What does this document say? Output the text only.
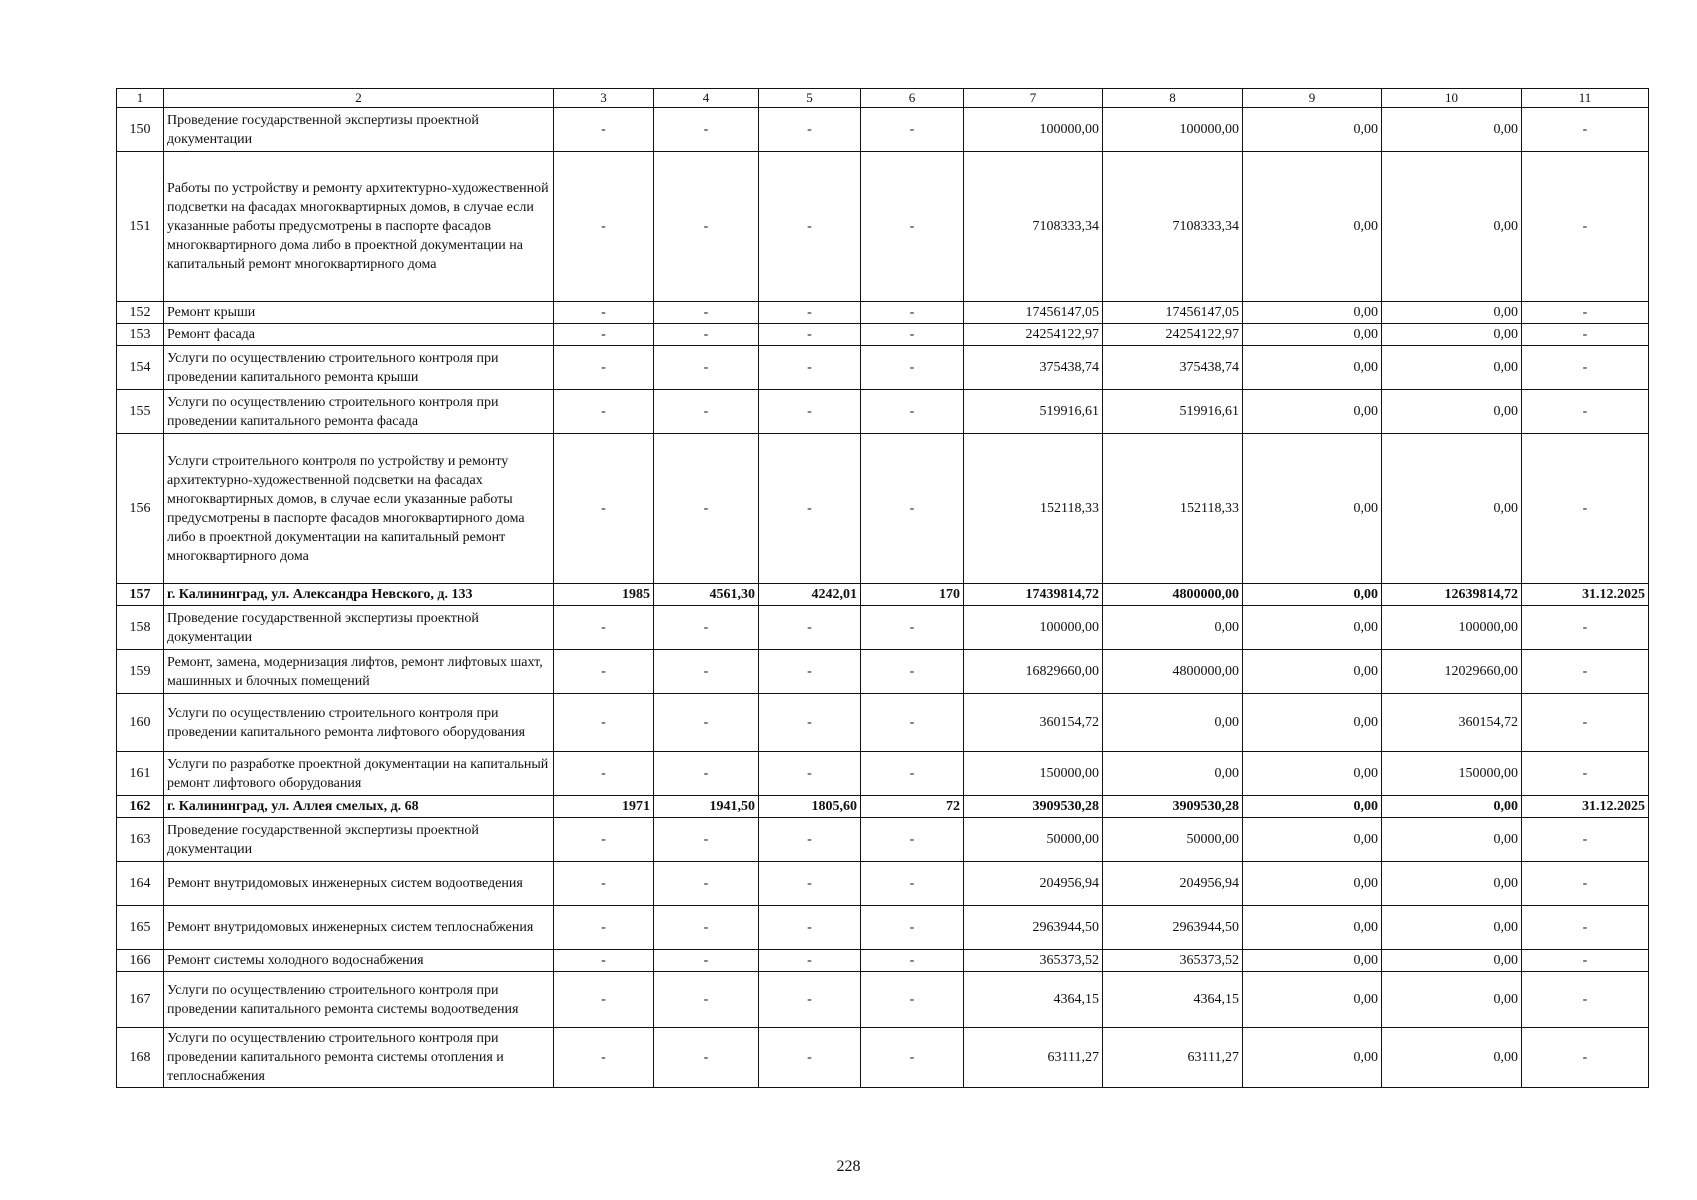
1	2	3	4	5	6	7	8	9	10	11
150	Проведение государственной экспертизы проектной документации	-	-	-	-	100000,00	100000,00	0,00	0,00	-
151	Работы по устройству и ремонту архитектурно-художественной подсветки на фасадах многоквартирных домов, в случае если указанные работы предусмотрены в паспорте фасадов многоквартирного дома либо в проектной документации на капитальный ремонт многоквартирного дома	-	-	-	-	7108333,34	7108333,34	0,00	0,00	-
152	Ремонт крыши	-	-	-	-	17456147,05	17456147,05	0,00	0,00	-
153	Ремонт фасада	-	-	-	-	24254122,97	24254122,97	0,00	0,00	-
154	Услуги по осуществлению строительного контроля при проведении капитального ремонта крыши	-	-	-	-	375438,74	375438,74	0,00	0,00	-
155	Услуги по осуществлению строительного контроля при проведении капитального ремонта фасада	-	-	-	-	519916,61	519916,61	0,00	0,00	-
156	Услуги строительного контроля по устройству и ремонту архитектурно-художественной подсветки на фасадах многоквартирных домов, в случае если указанные работы предусмотрены в паспорте фасадов многоквартирного дома либо в проектной документации на капитальный ремонт многоквартирного дома	-	-	-	-	152118,33	152118,33	0,00	0,00	-
157	г. Калининград, ул. Александра Невского, д. 133	1985	4561,30	4242,01	170	17439814,72	4800000,00	0,00	12639814,72	31.12.2025
158	Проведение государственной экспертизы проектной документации	-	-	-	-	100000,00	0,00	0,00	100000,00	-
159	Ремонт, замена, модернизация лифтов, ремонт лифтовых шахт, машинных и блочных помещений	-	-	-	-	16829660,00	4800000,00	0,00	12029660,00	-
160	Услуги по осуществлению строительного контроля при проведении капитального ремонта лифтового оборудования	-	-	-	-	360154,72	0,00	0,00	360154,72	-
161	Услуги по разработке проектной документации на капитальный ремонт лифтового оборудования	-	-	-	-	150000,00	0,00	0,00	150000,00	-
162	г. Калининград, ул. Аллея смелых, д. 68	1971	1941,50	1805,60	72	3909530,28	3909530,28	0,00	0,00	31.12.2025
163	Проведение государственной экспертизы проектной документации	-	-	-	-	50000,00	50000,00	0,00	0,00	-
164	Ремонт внутридомовых инженерных систем водоотведения	-	-	-	-	204956,94	204956,94	0,00	0,00	-
165	Ремонт внутридомовых инженерных систем теплоснабжения	-	-	-	-	2963944,50	2963944,50	0,00	0,00	-
166	Ремонт системы холодного водоснабжения	-	-	-	-	365373,52	365373,52	0,00	0,00	-
167	Услуги по осуществлению строительного контроля при проведении капитального ремонта системы водоотведения	-	-	-	-	4364,15	4364,15	0,00	0,00	-
168	Услуги по осуществлению строительного контроля при проведении капитального ремонта системы отопления и теплоснабжения	-	-	-	-	63111,27	63111,27	0,00	0,00	-
228
